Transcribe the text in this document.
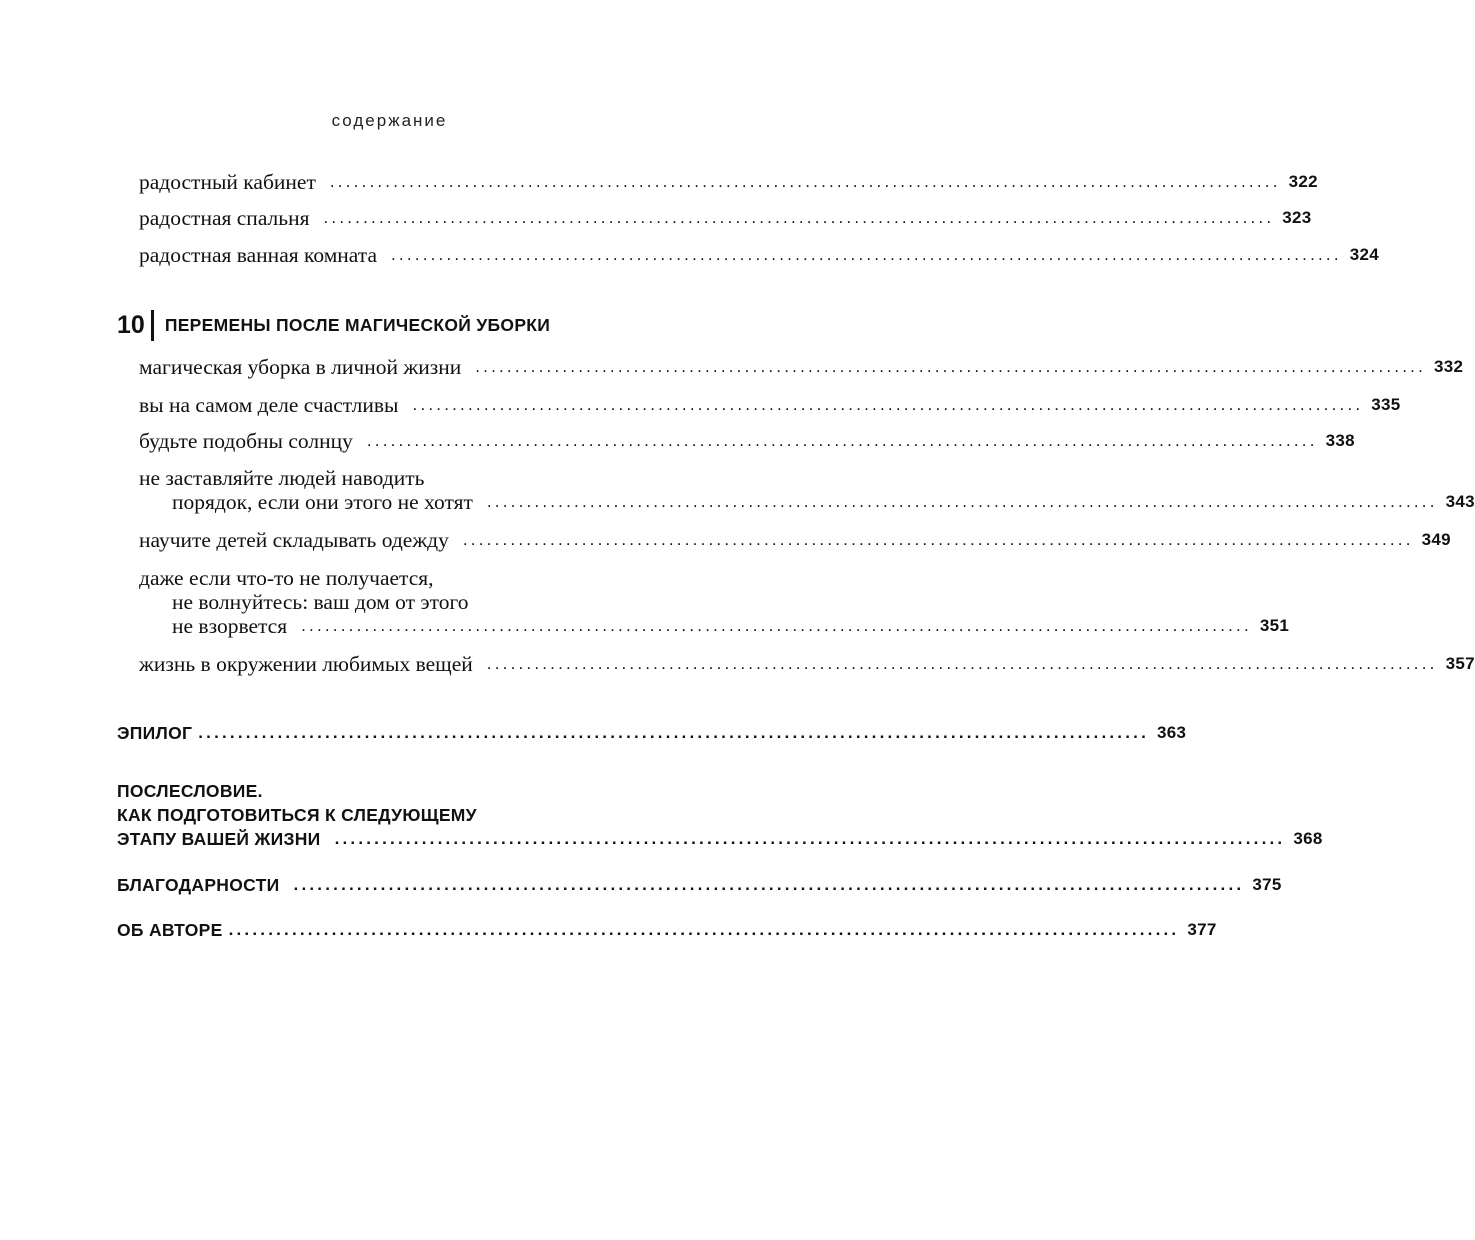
содержание
радостный кабинет ........................................................................................................................ 322
радостная спальня ........................................................................................................................ 323
радостная ванная комната ........................................................................................................................ 324
10 ПЕРЕМЕНЫ ПОСЛЕ МАГИЧЕСКОЙ УБОРКИ
магическая уборка в личной жизни ........................................................................................................................ 332
вы на самом деле счастливы ........................................................................................................................ 335
будьте подобны солнцу ........................................................................................................................ 338
не заставляйте людей наводить
порядок, если они этого не хотят ........................................................................................................................ 343
научите детей складывать одежду ........................................................................................................................ 349
даже если что-то не получается,
не волнуйтесь: ваш дом от этого
не взорвется ........................................................................................................................ 351
жизнь в окружении любимых вещей ........................................................................................................................ 357
ЭПИЛОГ ........................................................................................................................ 363
ПОСЛЕСЛОВИЕ.
КАК ПОДГОТОВИТЬСЯ К СЛЕДУЮЩЕМУ
ЭТАПУ ВАШЕЙ ЖИЗНИ ........................................................................................................................ 368
БЛАГОДАРНОСТИ ........................................................................................................................ 375
ОБ АВТОРЕ ........................................................................................................................ 377
